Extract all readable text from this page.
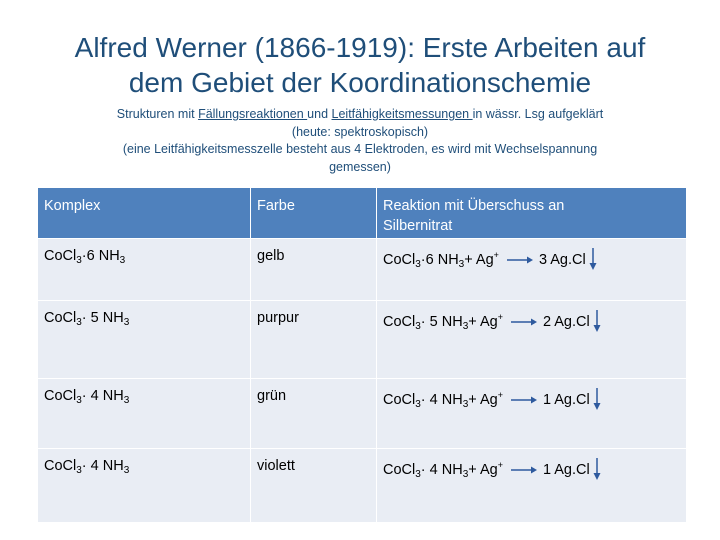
Alfred Werner (1866-1919): Erste Arbeiten auf
dem Gebiet der Koordinationschemie
Strukturen mit Fällungsreaktionen und Leitfähigkeitsmessungen in wässr. Lsg aufgeklärt
(heute: spektroskopisch)
(eine Leitfähigkeitsmesszelle besteht aus 4 Elektroden, es wird mit Wechselspannung
gemessen)
Komplex	Farbe	Reaktion mit Überschuss an
Silbernitrat
CoCl$_3$·6 $NH_3$	gelb	CoCl$_3$·6 $NH_3+ Ag^+ \to 3$ Ag.Cl
CoCl$_3$· 5 $NH_3$	purpur	CoCl$_3$· 5 $NH_3+ Ag^+ \to 2$ Ag.Cl
CoCl$_3$· 4 $NH_3$	grün	CoCl$_3$· 4 $NH_3+ Ag^+ \to 1$ Ag.Cl
CoCl$_3$· 4 $NH_3$	violett	CoCl$_3$· 4 $NH_3+ Ag^+ \to 1$ Ag.Cl
